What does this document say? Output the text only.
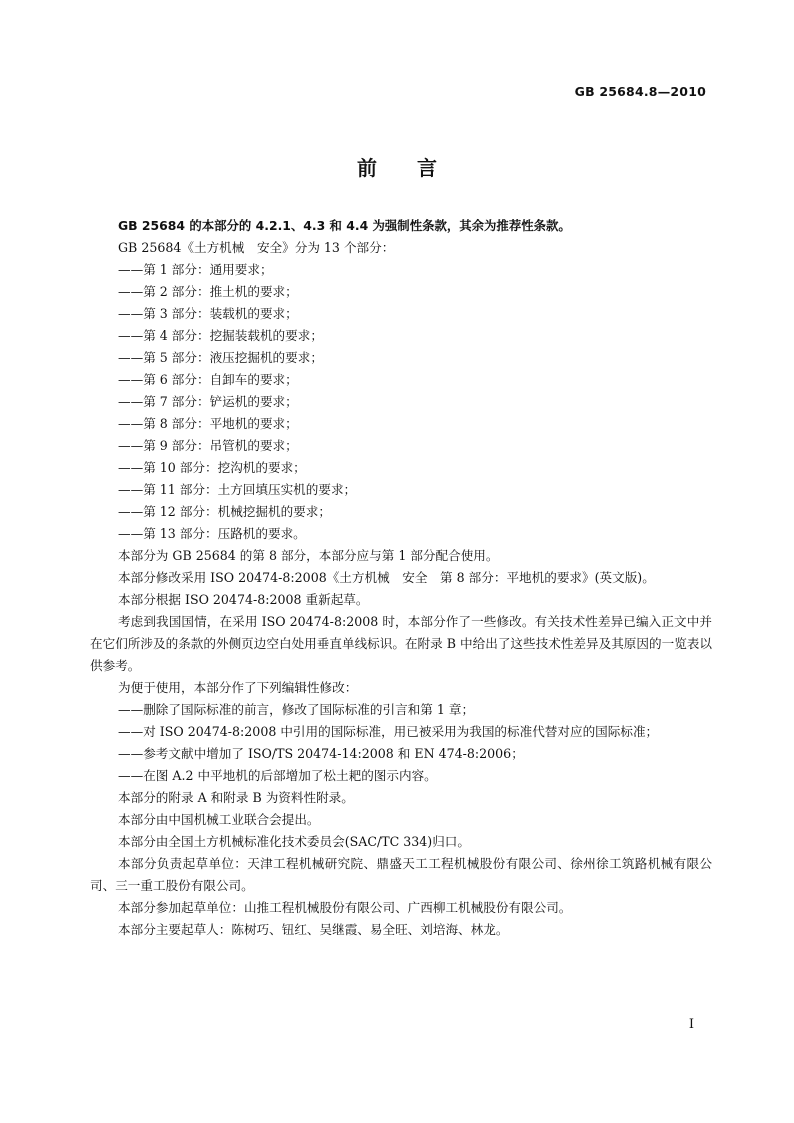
GB 25684.8—2010
前言

GB 25684 的本部分的 4.2.1、4.3 和 4.4 为强制性条款，其余为推荐性条款。

GB 25684《土方机械　安全》分为 13 个部分：

——第 1 部分：通用要求；

——第 2 部分：推土机的要求；

——第 3 部分：装载机的要求；

——第 4 部分：挖掘装载机的要求；

——第 5 部分：液压挖掘机的要求；

——第 6 部分：自卸车的要求；

——第 7 部分：铲运机的要求；

——第 8 部分：平地机的要求；

——第 9 部分：吊管机的要求；

——第 10 部分：挖沟机的要求；

——第 11 部分：土方回填压实机的要求；

——第 12 部分：机械挖掘机的要求；

——第 13 部分：压路机的要求。

本部分为 GB 25684 的第 8 部分，本部分应与第 1 部分配合使用。

本部分修改采用 ISO 20474-8:2008《土方机械　安全　第 8 部分：平地机的要求》(英文版)。

本部分根据 ISO 20474-8:2008 重新起草。

考虑到我国国情，在采用 ISO 20474-8:2008 时，本部分作了一些修改。有关技术性差异已编入正文中并在它们所涉及的条款的外侧页边空白处用垂直单线标识。在附录 B 中给出了这些技术性差异及其原因的一览表以供参考。

为便于使用，本部分作了下列编辑性修改：

——删除了国际标准的前言，修改了国际标准的引言和第 1 章；

——对 ISO 20474-8:2008 中引用的国际标准，用已被采用为我国的标准代替对应的国际标准；

——参考文献中增加了 ISO/TS 20474-14:2008 和 EN 474-8:2006；

——在图 A.2 中平地机的后部增加了松土耙的图示内容。

本部分的附录 A 和附录 B 为资料性附录。

本部分由中国机械工业联合会提出。

本部分由全国土方机械标准化技术委员会(SAC/TC 334)归口。

本部分负责起草单位：天津工程机械研究院、鼎盛天工工程机械股份有限公司、徐州徐工筑路机械有限公司、三一重工股份有限公司。

本部分参加起草单位：山推工程机械股份有限公司、广西柳工机械股份有限公司。

本部分主要起草人：陈树巧、钮红、吴继霞、易全旺、刘培海、林龙。

I
